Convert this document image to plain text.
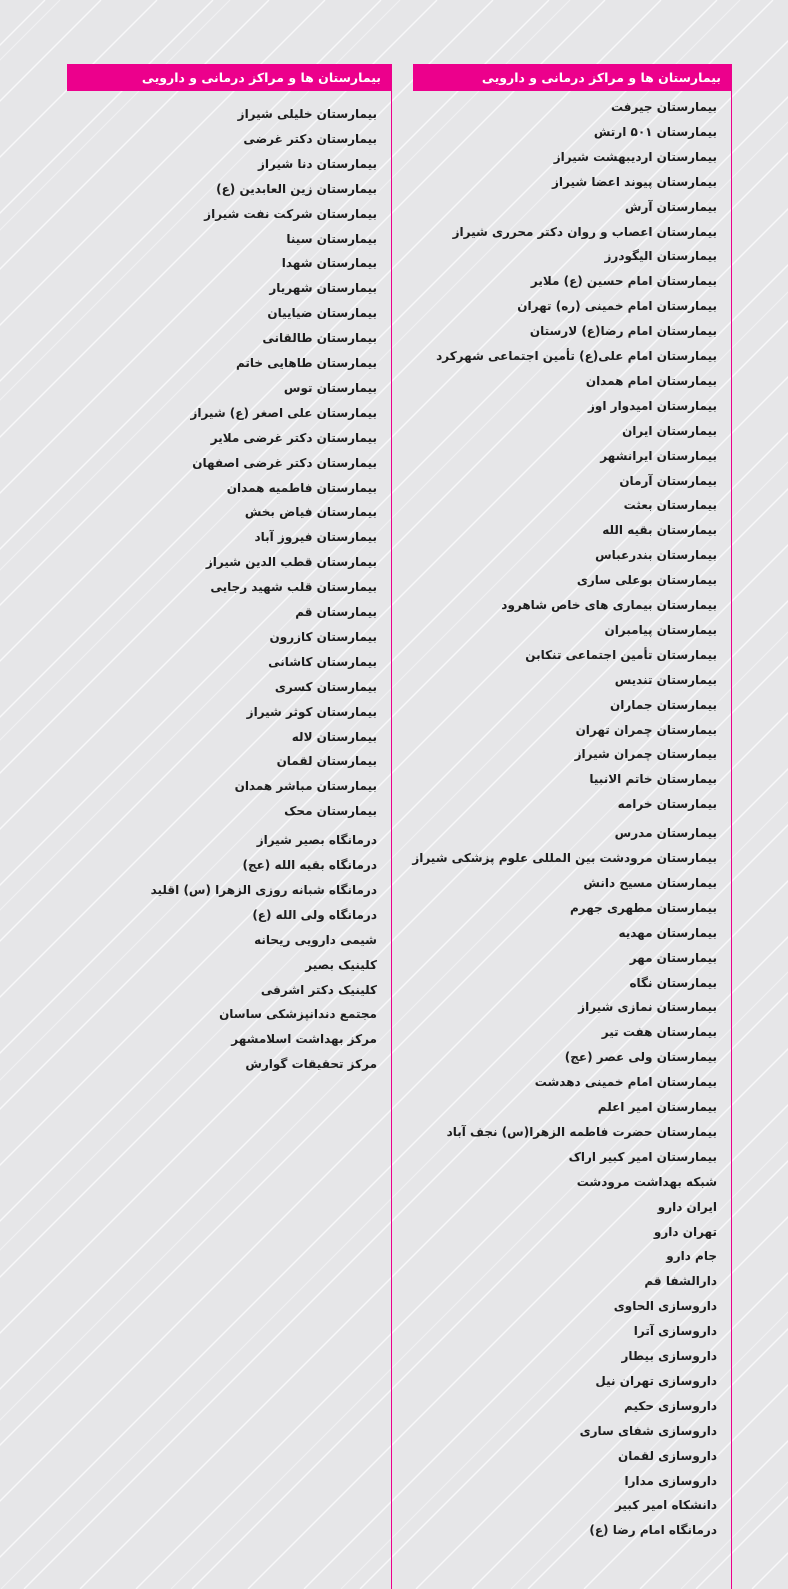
بیمارستان ها و مراکز درمانی و دارویی
بیمارستان جیرفت
بیمارستان ۵۰۱ ارتش
بیمارستان اردیبهشت شیراز
بیمارستان پیوند اعضا شیراز
بیمارستان آرش
بیمارستان اعصاب و روان دکتر محرری شیراز
بیمارستان الیگودرز
بیمارستان امام حسین (ع) ملایر
بیمارستان امام خمینی (ره) تهران
بیمارستان امام رضا(ع) لارستان
بیمارستان امام علی(ع) تأمین اجتماعی شهرکرد
بیمارستان امام همدان
بیمارستان امیدوار اوز
بیمارستان ایران
بیمارستان ایرانشهر
بیمارستان آرمان
بیمارستان بعثت
بیمارستان بقیه الله
بیمارستان بندرعباس
بیمارستان بوعلی ساری
بیمارستان بیماری های خاص شاهرود
بیمارستان پیامبران
بیمارستان تأمین اجتماعی تنکابن
بیمارستان تندیس
بیمارستان جماران
بیمارستان چمران تهران
بیمارستان چمران شیراز
بیمارستان خاتم الانبیا
بیمارستان خرامه
بیمارستان مدرس
بیمارستان مرودشت بین المللی علوم پزشکی شیراز
بیمارستان مسیح دانش
بیمارستان مطهری جهرم
بیمارستان مهدیه
بیمارستان مهر
بیمارستان نگاه
بیمارستان نمازی شیراز
بیمارستان هفت تیر
بیمارستان ولی عصر (عج)
بیمارستان امام خمینی دهدشت
بیمارستان امیر اعلم
بیمارستان حضرت فاطمه الزهرا(س) نجف آباد
بیمارستان امیر کبیر اراک
شبکه بهداشت مرودشت
ایران دارو
تهران دارو
جام دارو
دارالشفا قم
داروسازی الحاوی
داروسازی آترا
داروسازی بیطار
داروسازی تهران نیل
داروسازی حکیم
داروسازی شفای ساری
داروسازی لقمان
داروسازی مدارا
دانشکاه امیر کبیر
درمانگاه امام رضا (ع)
بیمارستان ها و مراکز درمانی و دارویی
بیمارستان خلیلی شیراز
بیمارستان دکتر غرضی
بیمارستان دنا شیراز
بیمارستان زین العابدین (ع)
بیمارستان شرکت نفت شیراز
بیمارستان سینا
بیمارستان شهدا
بیمارستان شهریار
بیمارستان ضیاییان
بیمارستان طالقانی
بیمارستان طاهایی خاتم
بیمارستان توس
بیمارستان علی اصغر (ع) شیراز
بیمارستان دکتر غرضی ملایر
بیمارستان دکتر غرضی اصفهان
بیمارستان فاطمیه همدان
بیمارستان فیاض بخش
بیمارستان فیروز آباد
بیمارستان قطب الدین شیراز
بیمارستان قلب شهید رجایی
بیمارستان قم
بیمارستان کازرون
بیمارستان کاشانی
بیمارستان کسری
بیمارستان کوثر شیراز
بیمارستان لاله
بیمارستان لقمان
بیمارستان مباشر همدان
بیمارستان محک
درمانگاه بصیر شیراز
درمانگاه بقیه الله (عج)
درمانگاه شبانه روزی الزهرا (س) اقلید
درمانگاه ولی الله (ع)
شیمی دارویی ریحانه
کلینیک بصیر
کلینیک دکتر اشرفی
مجتمع دندانپزشکی ساسان
مرکز بهداشت اسلامشهر
مرکز تحقیقات گوارش
